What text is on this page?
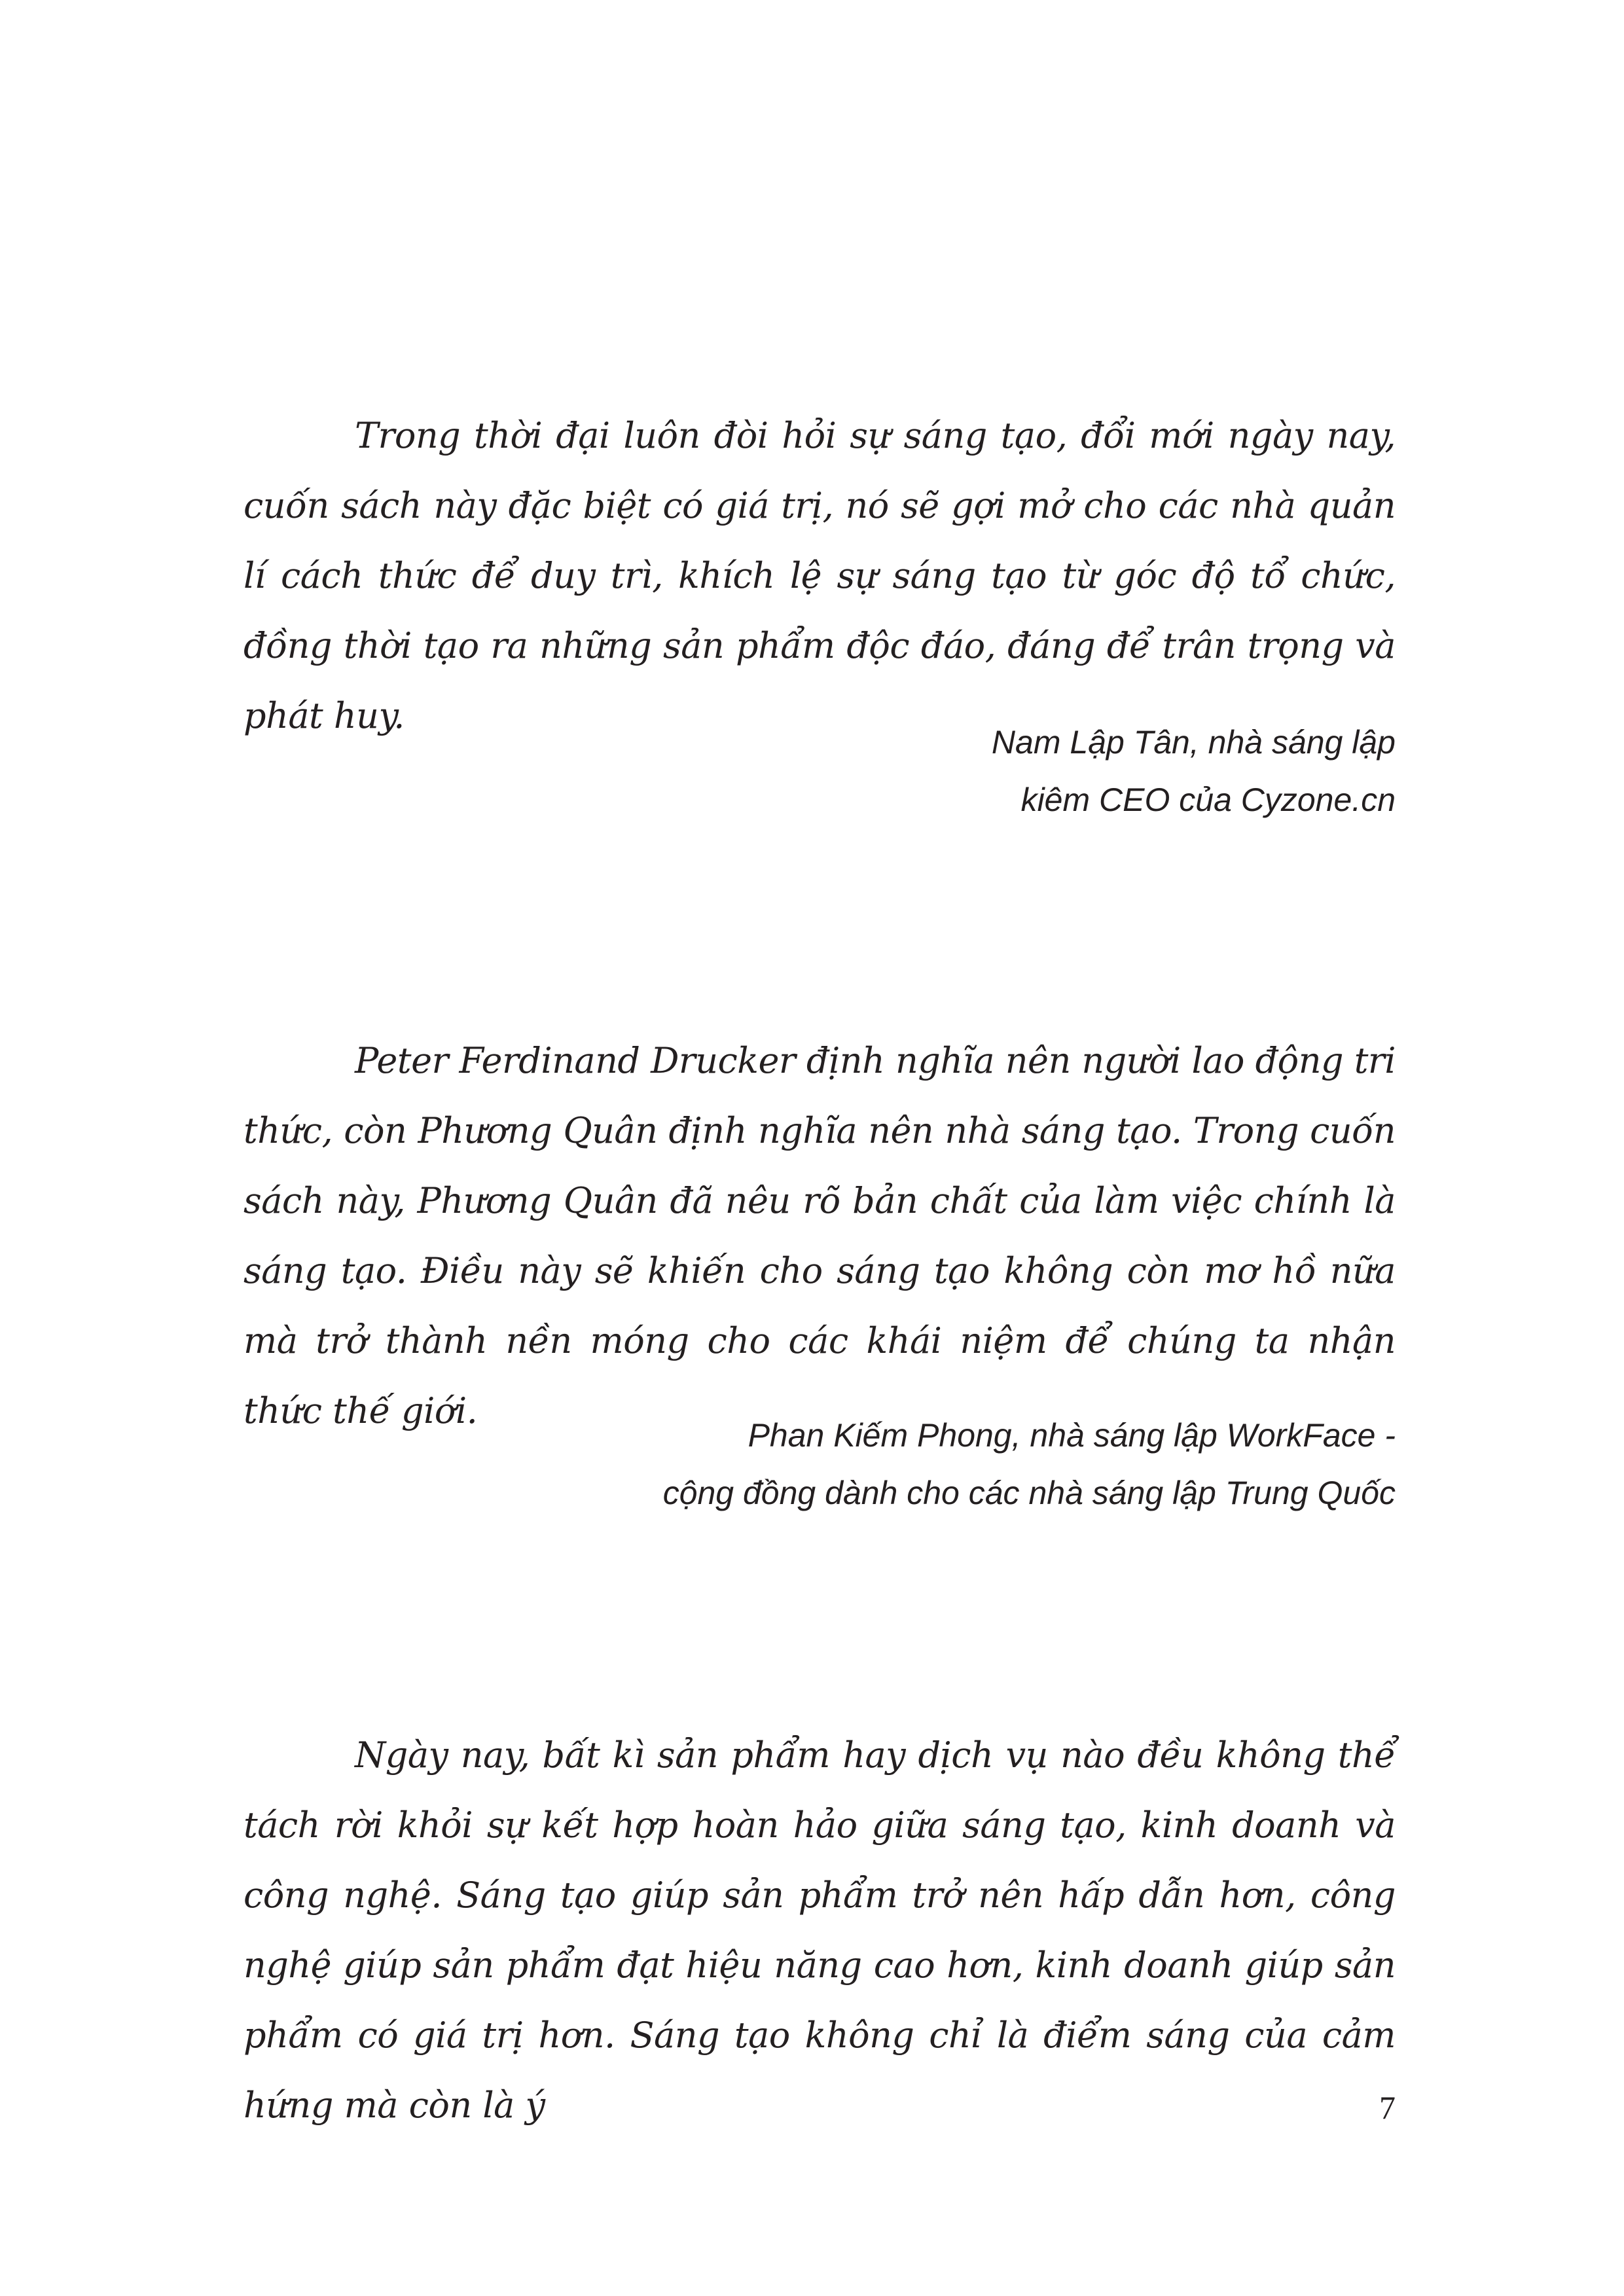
Trong thời đại luôn đòi hỏi sự sáng tạo, đổi mới ngày nay, cuốn sách này đặc biệt có giá trị, nó sẽ gợi mở cho các nhà quản lí cách thức để duy trì, khích lệ sự sáng tạo từ góc độ tổ chức, đồng thời tạo ra những sản phẩm độc đáo, đáng để trân trọng và phát huy.

Nam Lập Tân, nhà sáng lập
kiêm CEO của Cyzone.cn

Peter Ferdinand Drucker định nghĩa nên người lao động tri thức, còn Phương Quân định nghĩa nên nhà sáng tạo. Trong cuốn sách này, Phương Quân đã nêu rõ bản chất của làm việc chính là sáng tạo. Điều này sẽ khiến cho sáng tạo không còn mơ hồ nữa mà trở thành nền móng cho các khái niệm để chúng ta nhận thức thế giới.

Phan Kiếm Phong, nhà sáng lập WorkFace -
cộng đồng dành cho các nhà sáng lập Trung Quốc

Ngày nay, bất kì sản phẩm hay dịch vụ nào đều không thể tách rời khỏi sự kết hợp hoàn hảo giữa sáng tạo, kinh doanh và công nghệ. Sáng tạo giúp sản phẩm trở nên hấp dẫn hơn, công nghệ giúp sản phẩm đạt hiệu năng cao hơn, kinh doanh giúp sản phẩm có giá trị hơn. Sáng tạo không chỉ là điểm sáng của cảm hứng mà còn là ý	7
